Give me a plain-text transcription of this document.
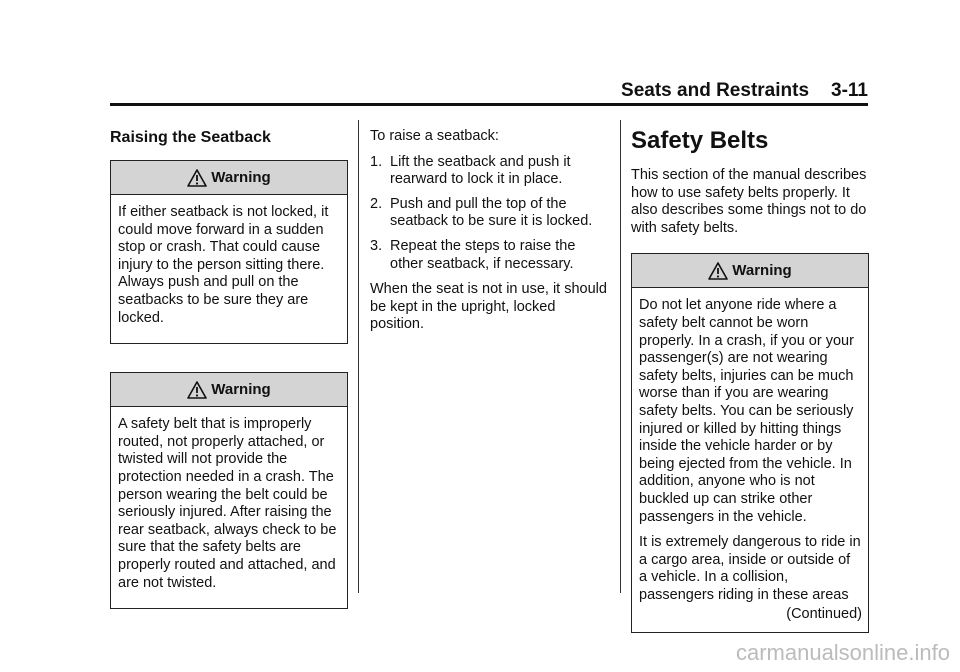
Seats and Restraints 3-11
Raising the Seatback
Warning

If either seatback is not locked, it could move forward in a sudden stop or crash. That could cause injury to the person sitting there. Always push and pull on the seatbacks to be sure they are locked.

Warning

A safety belt that is improperly routed, not properly attached, or twisted will not provide the protection needed in a crash. The person wearing the belt could be seriously injured. After raising the rear seatback, always check to be sure that the safety belts are properly routed and attached, and are not twisted.

To raise a seatback:

1. Lift the seatback and push it rearward to lock it in place.
2. Push and pull the top of the seatback to be sure it is locked.
3. Repeat the steps to raise the other seatback, if necessary.

When the seat is not in use, it should be kept in the upright, locked position.

Safety Belts

This section of the manual describes how to use safety belts properly. It also describes some things not to do with safety belts.

Warning

Do not let anyone ride where a safety belt cannot be worn properly. In a crash, if you or your passenger(s) are not wearing safety belts, injuries can be much worse than if you are wearing safety belts. You can be seriously injured or killed by hitting things inside the vehicle harder or by being ejected from the vehicle. In addition, anyone who is not buckled up can strike other passengers in the vehicle.

It is extremely dangerous to ride in a cargo area, inside or outside of a vehicle. In a collision, passengers riding in these areas

(Continued)

carmanualsonline.info
